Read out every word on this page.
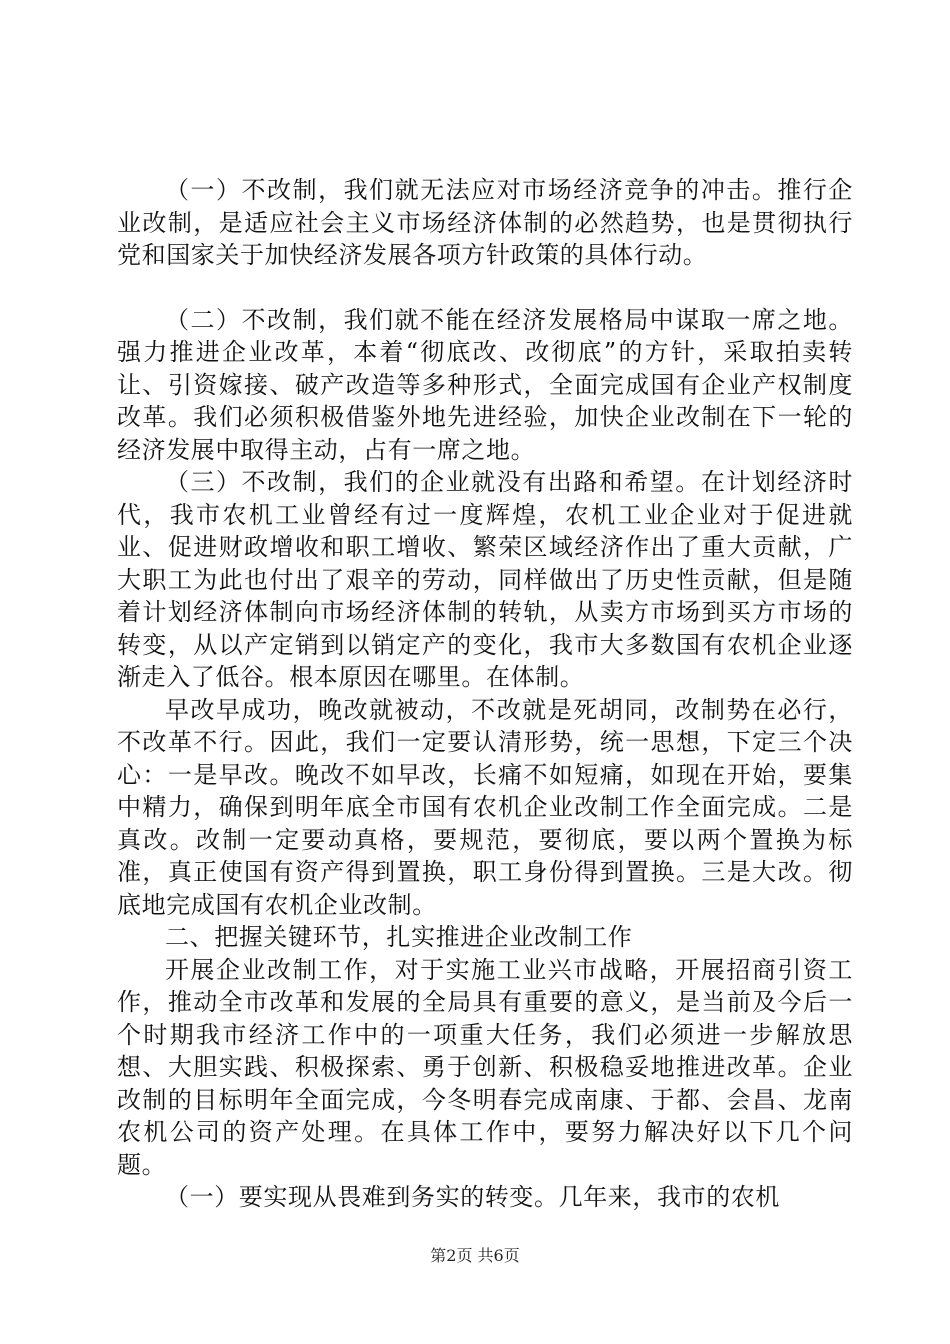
（一）不改制，我们就无法应对市场经济竞争的冲击。推行企业改制，是适应社会主义市场经济体制的必然趋势，也是贯彻执行党和国家关于加快经济发展各项方针政策的具体行动。

（二）不改制，我们就不能在经济发展格局中谋取一席之地。强力推进企业改革，本着“彻底改、改彻底”的方针，采取拍卖转让、引资嫁接、破产改造等多种形式，全面完成国有企业产权制度改革。我们必须积极借鉴外地先进经验，加快企业改制在下一轮的经济发展中取得主动，占有一席之地。

（三）不改制，我们的企业就没有出路和希望。在计划经济时代，我市农机工业曾经有过一度辉煌，农机工业企业对于促进就业、促进财政增收和职工增收、繁荣区域经济作出了重大贡献，广大职工为此也付出了艰辛的劳动，同样做出了历史性贡献，但是随着计划经济体制向市场经济体制的转轨，从卖方市场到买方市场的转变，从以产定销到以销定产的变化，我市大多数国有农机企业逐渐走入了低谷。根本原因在哪里。在体制。

早改早成功，晚改就被动，不改就是死胡同，改制势在必行，不改革不行。因此，我们一定要认清形势，统一思想，下定三个决心：一是早改。晚改不如早改，长痛不如短痛，如现在开始，要集中精力，确保到明年底全市国有农机企业改制工作全面完成。二是真改。改制一定要动真格，要规范，要彻底，要以两个置换为标准，真正使国有资产得到置换，职工身份得到置换。三是大改。彻底地完成国有农机企业改制。

二、把握关键环节，扎实推进企业改制工作

开展企业改制工作，对于实施工业兴市战略，开展招商引资工作，推动全市改革和发展的全局具有重要的意义，是当前及今后一个时期我市经济工作中的一项重大任务，我们必须进一步解放思想、大胆实践、积极探索、勇于创新、积极稳妥地推进改革。企业改制的目标明年全面完成，今冬明春完成南康、于都、会昌、龙南农机公司的资产处理。在具体工作中，要努力解决好以下几个问题。

（一）要实现从畏难到务实的转变。几年来，我市的农机

第2页 共6页
